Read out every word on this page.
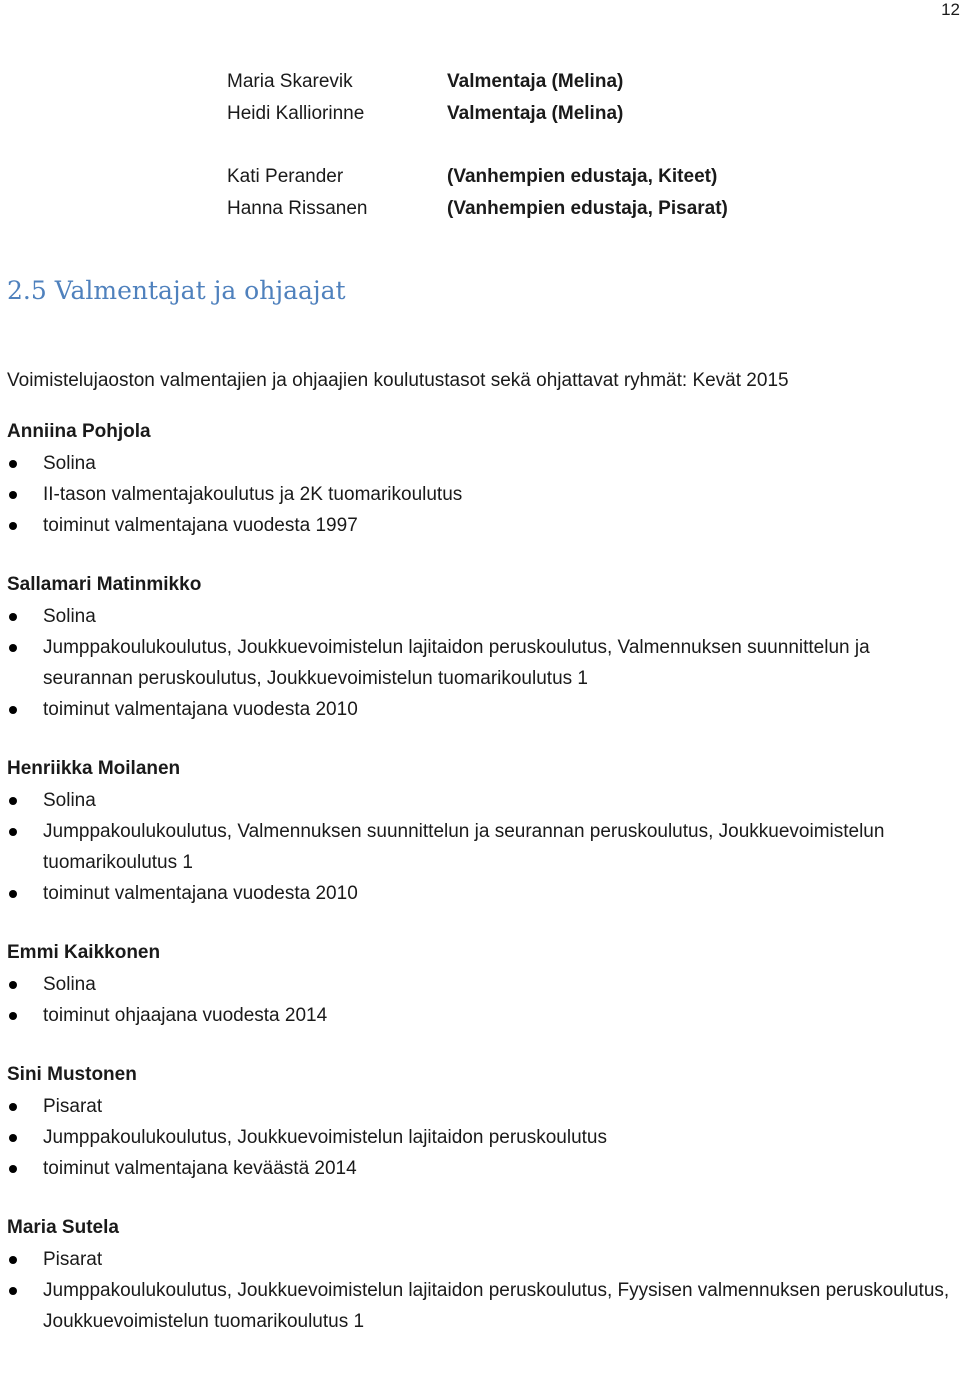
12
Maria Skarevik	Valmentaja (Melina)
Heidi Kalliorinne	Valmentaja (Melina)
Kati Perander	(Vanhempien edustaja, Kiteet)
Hanna Rissanen	(Vanhempien edustaja, Pisarat)
2.5 Valmentajat ja ohjaajat
Voimistelujaoston valmentajien ja ohjaajien koulutustasot sekä ohjattavat ryhmät: Kevät 2015
Anniina Pohjola
Solina
II-tason valmentajakoulutus ja 2K tuomarikoulutus
toiminut valmentajana vuodesta 1997
Sallamari Matinmikko
Solina
Jumppakoulukoulutus, Joukkuevoimistelun lajitaidon peruskoulutus, Valmennuksen suunnittelun ja seurannan peruskoulutus, Joukkuevoimistelun tuomarikoulutus 1
toiminut valmentajana vuodesta 2010
Henriikka Moilanen
Solina
Jumppakoulukoulutus, Valmennuksen suunnittelun ja seurannan peruskoulutus, Joukkuevoimistelun tuomarikoulutus 1
toiminut valmentajana vuodesta 2010
Emmi Kaikkonen
Solina
toiminut ohjaajana vuodesta 2014
Sini Mustonen
Pisarat
Jumppakoulukoulutus, Joukkuevoimistelun lajitaidon peruskoulutus
toiminut valmentajana keväästä 2014
Maria Sutela
Pisarat
Jumppakoulukoulutus, Joukkuevoimistelun lajitaidon peruskoulutus, Fyysisen valmennuksen peruskoulutus, Joukkuevoimistelun tuomarikoulutus 1
